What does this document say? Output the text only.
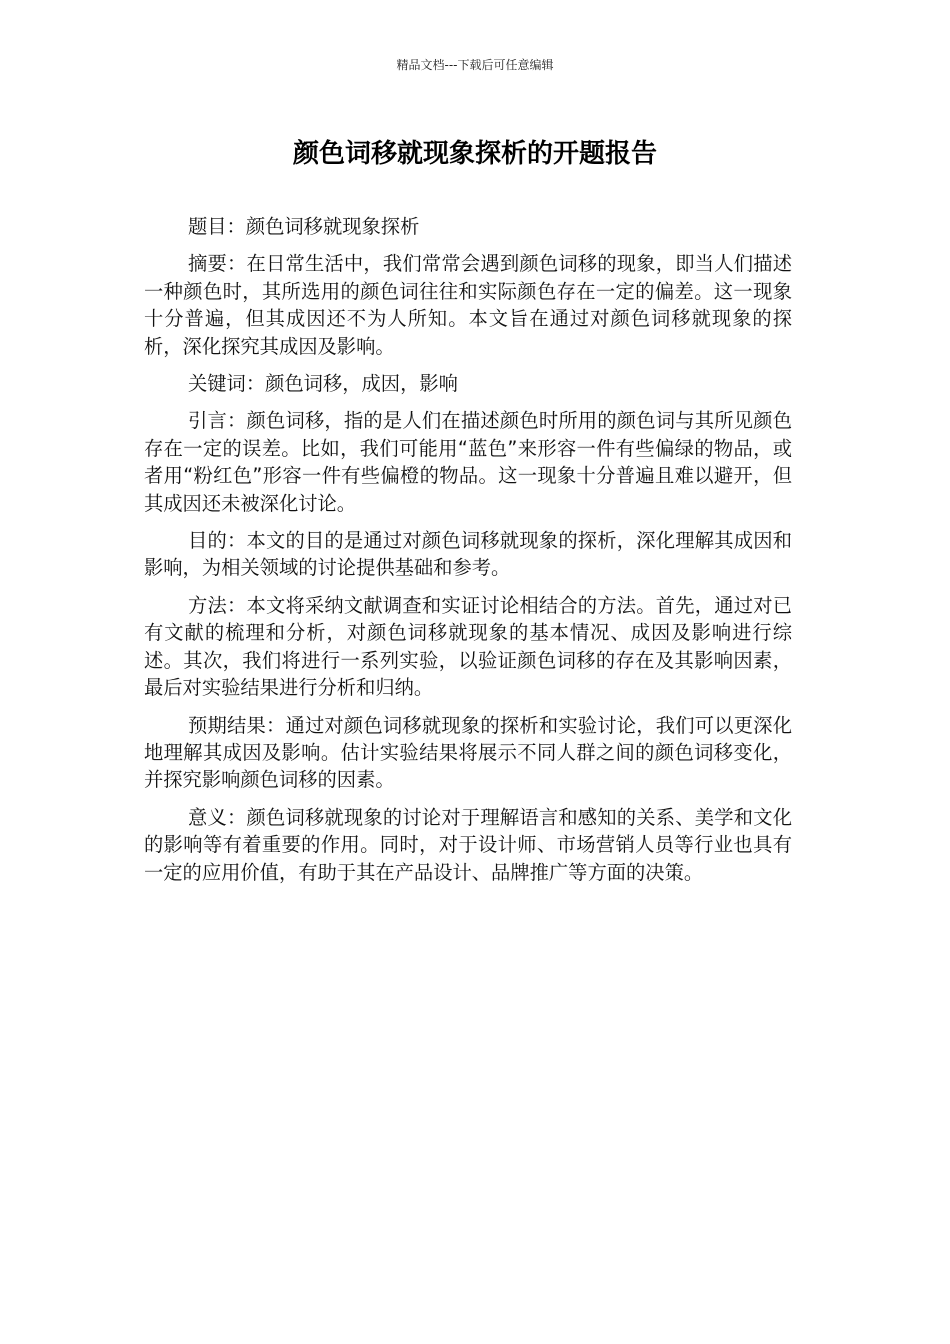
精品文档---下载后可任意编辑
颜色词移就现象探析的开题报告

题目：颜色词移就现象探析

摘要：在日常生活中，我们常常会遇到颜色词移的现象，即当人们描述一种颜色时，其所选用的颜色词往往和实际颜色存在一定的偏差。这一现象十分普遍，但其成因还不为人所知。本文旨在通过对颜色词移就现象的探析，深化探究其成因及影响。

关键词：颜色词移，成因，影响

引言：颜色词移，指的是人们在描述颜色时所用的颜色词与其所见颜色存在一定的误差。比如，我们可能用“蓝色”来形容一件有些偏绿的物品，或者用“粉红色”形容一件有些偏橙的物品。这一现象十分普遍且难以避开，但其成因还未被深化讨论。

目的：本文的目的是通过对颜色词移就现象的探析，深化理解其成因和影响，为相关领域的讨论提供基础和参考。

方法：本文将采纳文献调查和实证讨论相结合的方法。首先，通过对已有文献的梳理和分析，对颜色词移就现象的基本情况、成因及影响进行综述。其次，我们将进行一系列实验，以验证颜色词移的存在及其影响因素，最后对实验结果进行分析和归纳。

预期结果：通过对颜色词移就现象的探析和实验讨论，我们可以更深化地理解其成因及影响。估计实验结果将展示不同人群之间的颜色词移变化，并探究影响颜色词移的因素。

意义：颜色词移就现象的讨论对于理解语言和感知的关系、美学和文化的影响等有着重要的作用。同时，对于设计师、市场营销人员等行业也具有一定的应用价值，有助于其在产品设计、品牌推广等方面的决策。
